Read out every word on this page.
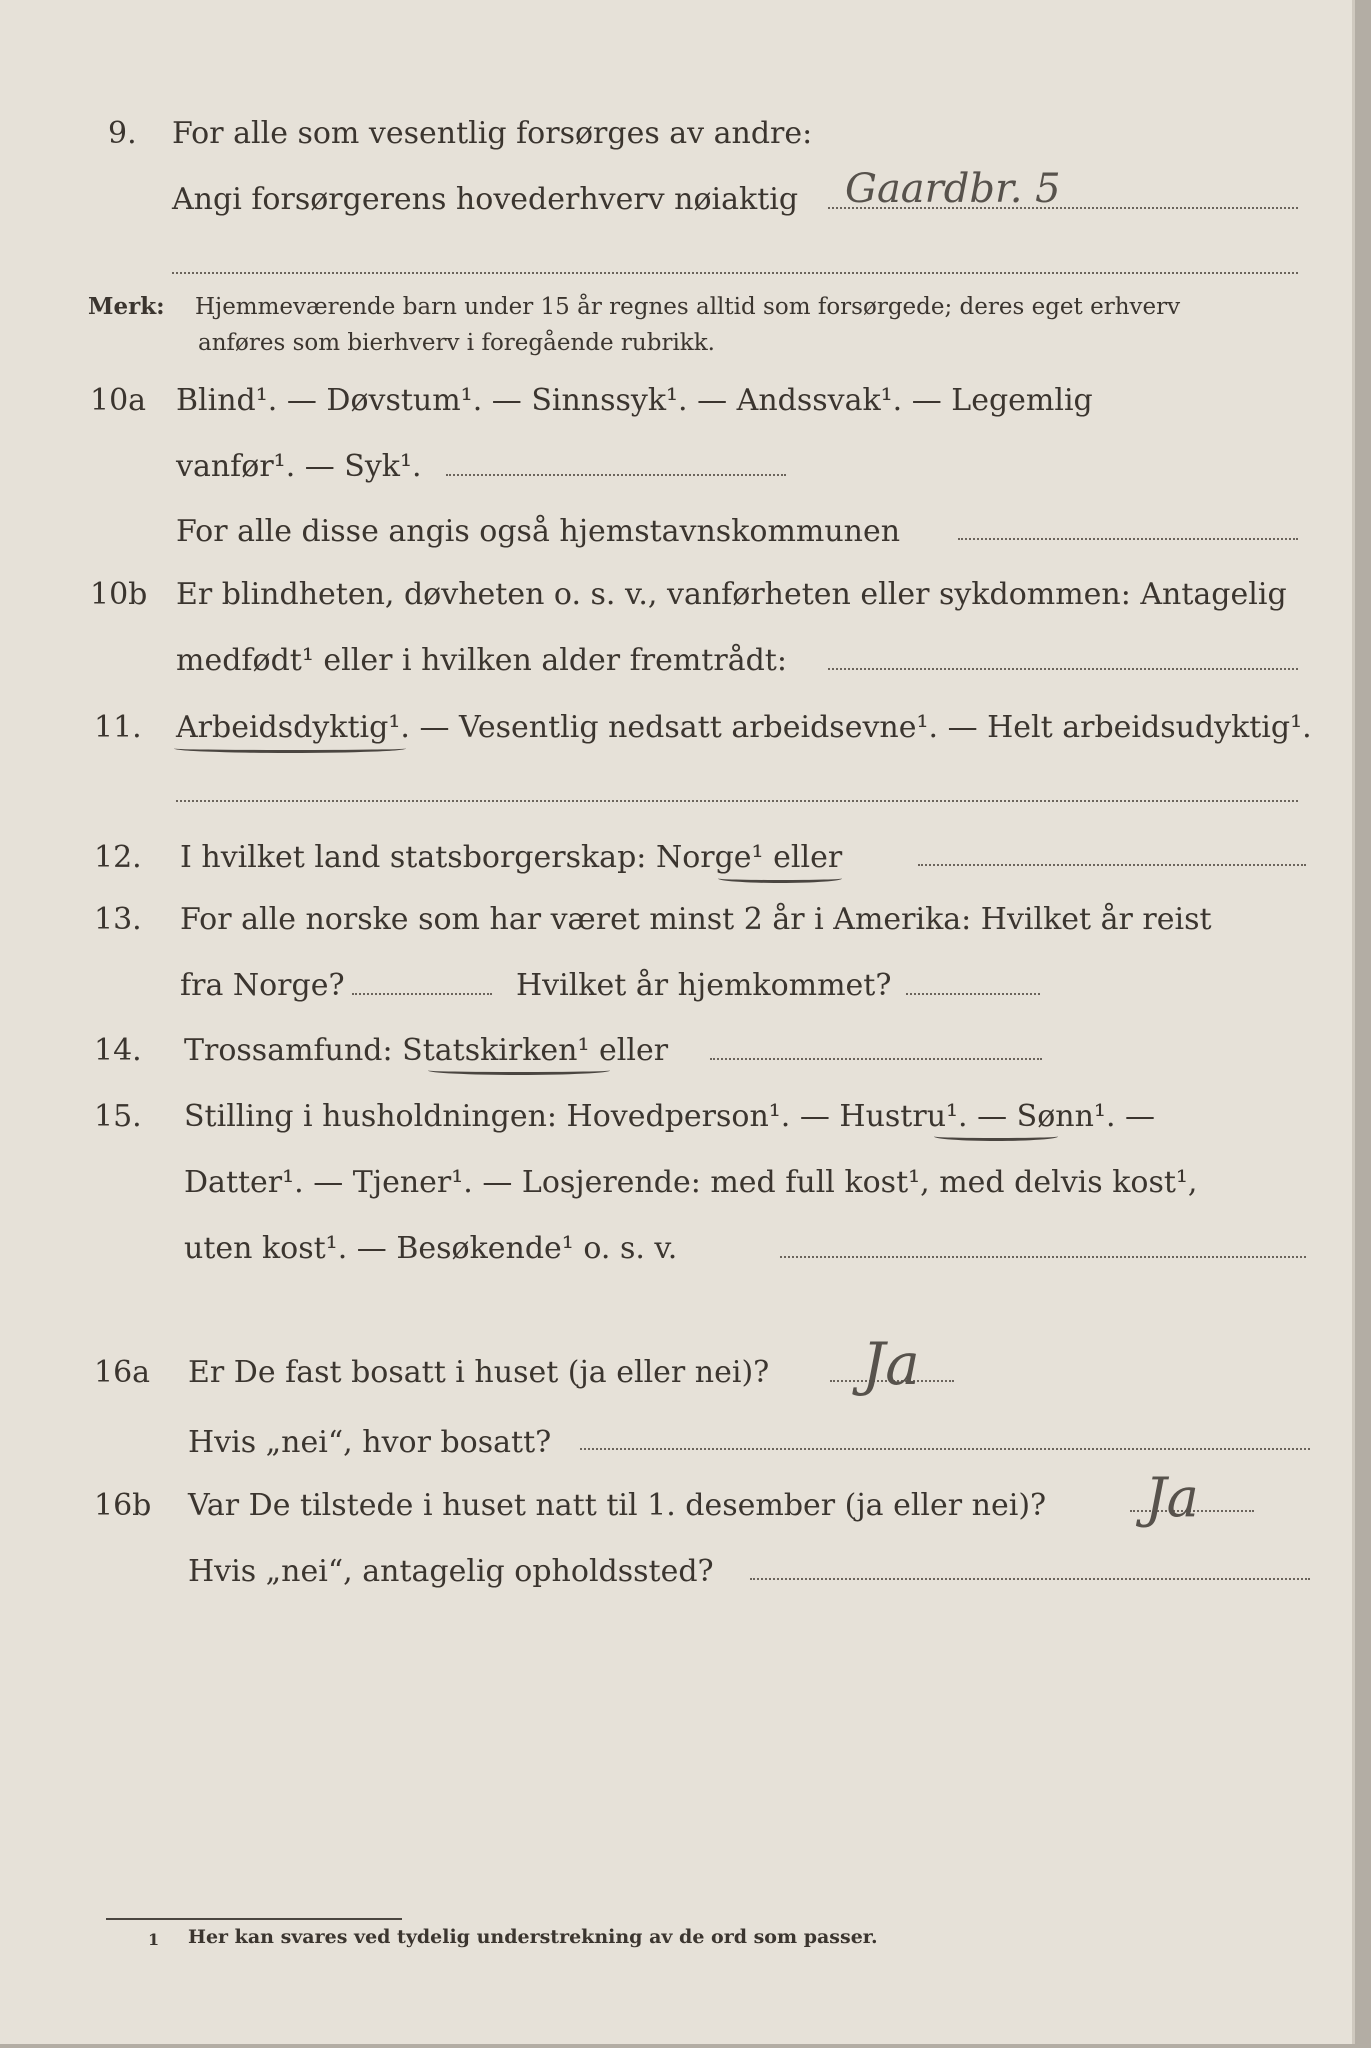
9. For alle som vesentlig forsørges av andre:
Angi forsørgerens hovederhverv nøiaktig Gaardbr. 5
Merk: Hjemmeværende barn under 15 år regnes alltid som forsørgede; deres eget erhverv
anføres som bierhverv i foregående rubrikk.
10a Blind¹. — Døvstum¹. — Sinnssyk¹. — Andssvak¹. — Legemlig
vanfør¹. — Syk¹.
For alle disse angis også hjemstavnskommunen
10b Er blindheten, døvheten o. s. v., vanførheten eller sykdommen: Antagelig
medfødt¹ eller i hvilken alder fremtrådt:
11. Arbeidsdyktig¹. — Vesentlig nedsatt arbeidsevne¹. — Helt arbeidsudyktig¹.
12. I hvilket land statsborgerskap: Norge¹ eller
13. For alle norske som har været minst 2 år i Amerika: Hvilket år reist
fra Norge?	Hvilket år hjemkommet?
14. Trossamfund: Statskirken¹ eller
15. Stilling i husholdningen: Hovedperson¹. — Hustru¹. — Sønn¹. —
Datter¹. — Tjener¹. — Losjerende: med full kost¹, med delvis kost¹,
uten kost¹. — Besøkende¹ o. s. v.
16a Er De fast bosatt i huset (ja eller nei)? Ja
Hvis „nei“, hvor bosatt?
16b Var De tilstede i huset natt til 1. desember (ja eller nei)? Ja
Hvis „nei“, antagelig opholdssted?
1 Her kan svares ved tydelig understrekning av de ord som passer.
